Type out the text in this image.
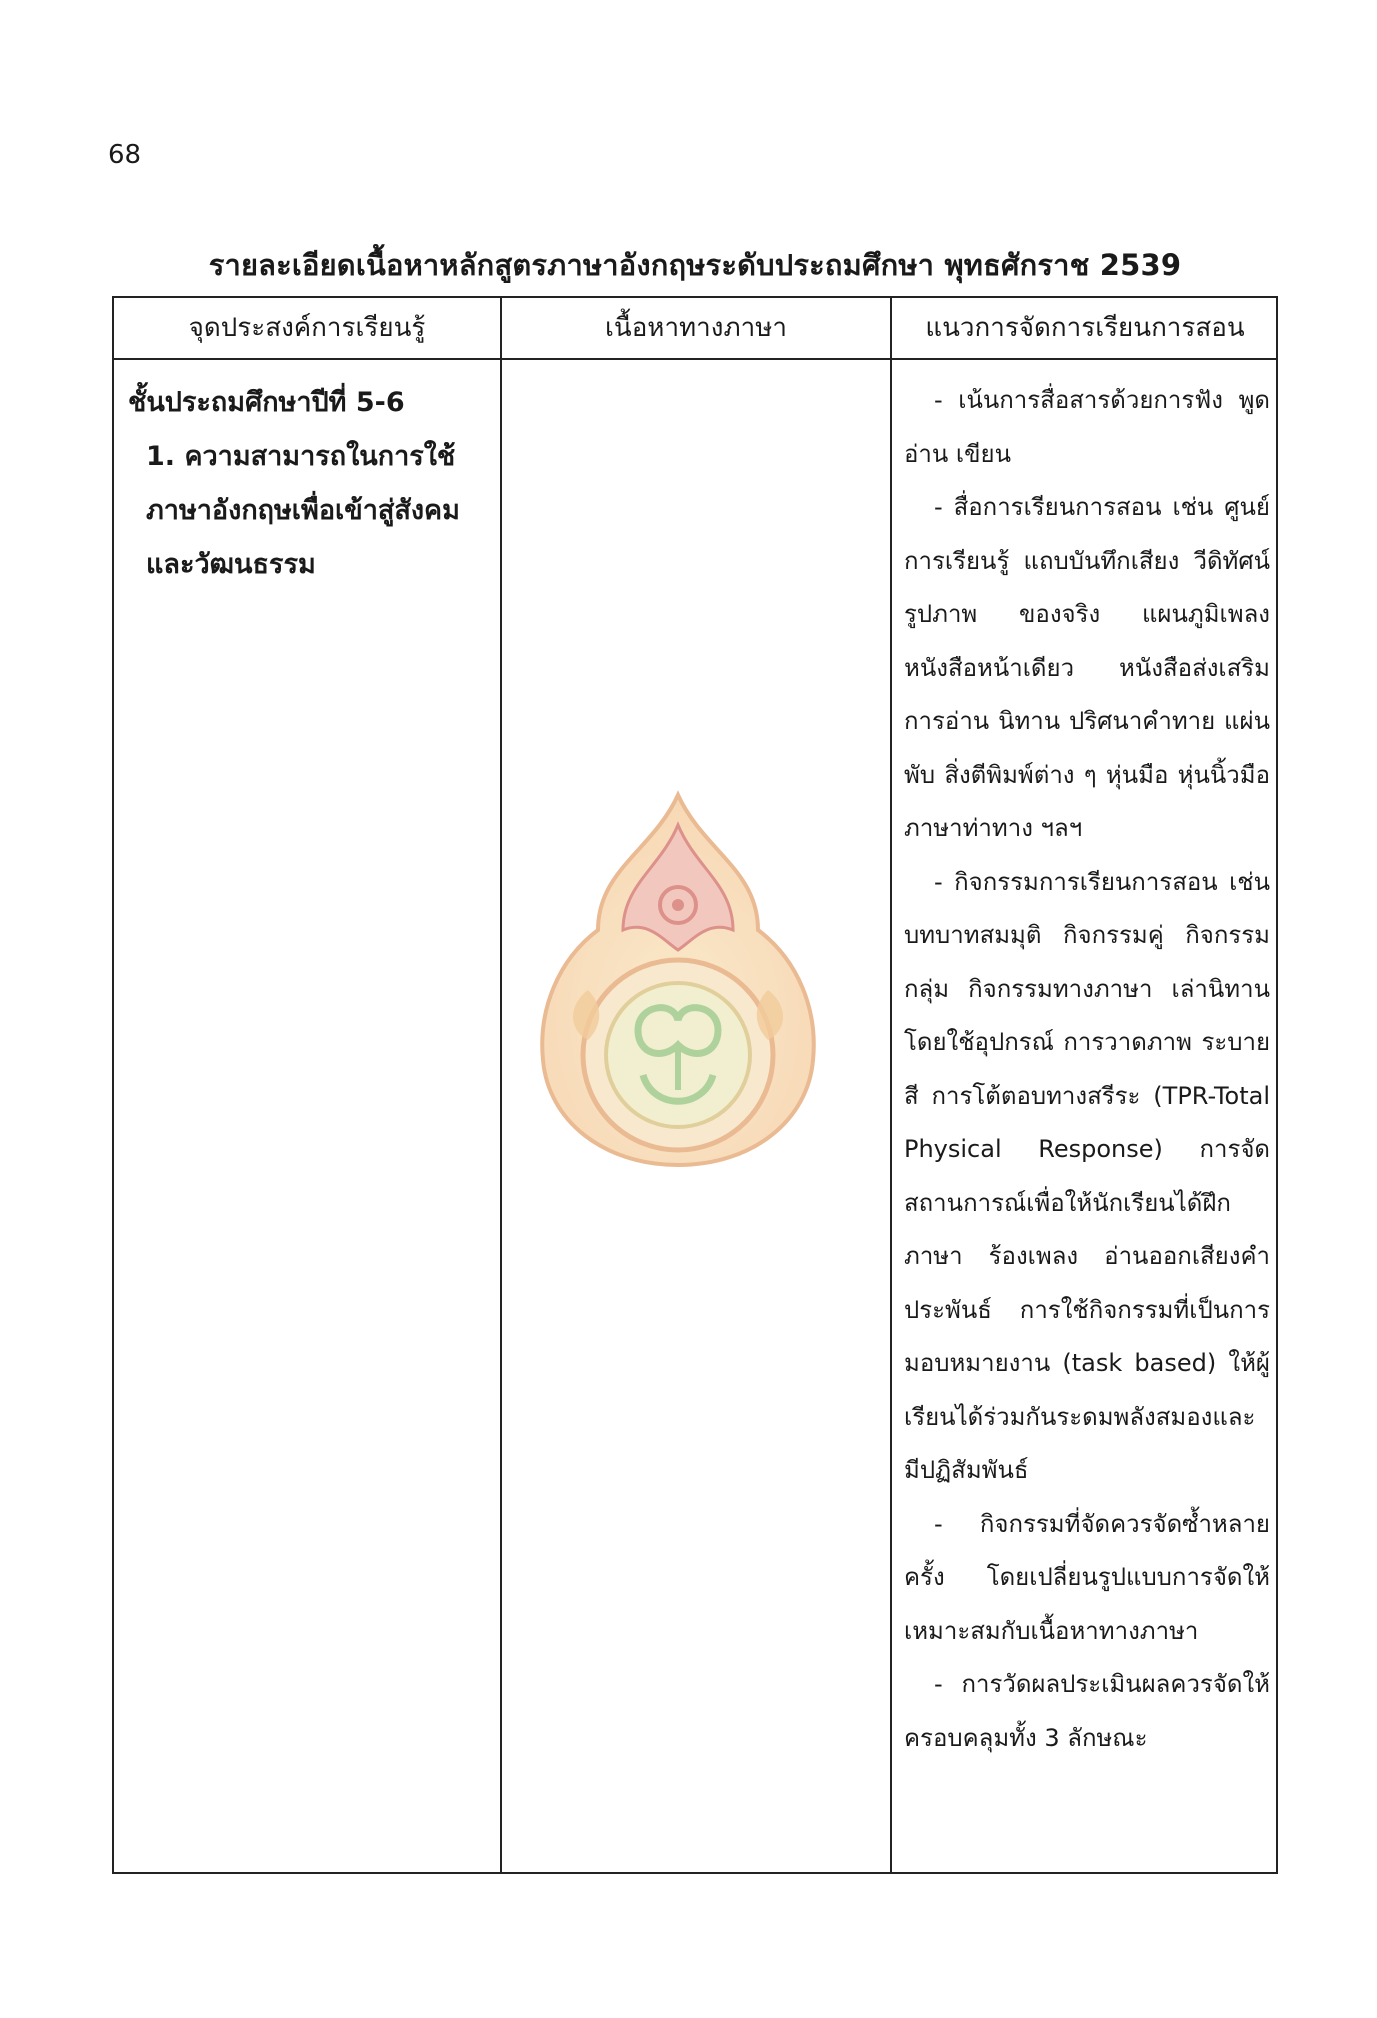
68
รายละเอียดเนื้อหาหลักสูตรภาษาอังกฤษระดับประถมศึกษา พุทธศักราช 2539
จุดประสงค์การเรียนรู้	เนื้อหาทางภาษา	แนวการจัดการเรียนการสอน
ชั้นประถมศึกษาปีที่ 5-6
1. ความสามารถในการใช้ ภาษาอังกฤษเพื่อเข้าสู่สังคมและวัฒนธรรม

- เน้นการสื่อสารด้วยการฟัง พูด อ่าน เขียน

- สื่อการเรียนการสอน เช่น ศูนย์การเรียนรู้ แถบบันทึกเสียง วีดิทัศน์ รูปภาพ ของจริง แผนภูมิเพลง หนังสือหน้าเดียว หนังสือส่งเสริมการอ่าน นิทาน ปริศนาคำทาย แผ่นพับ สิ่งตีพิมพ์ต่าง ๆ หุ่นมือ หุ่นนิ้วมือ ภาษาท่าทาง ฯลฯ

- กิจกรรมการเรียนการสอน เช่น บทบาทสมมุติ กิจกรรมคู่ กิจกรรมกลุ่ม กิจกรรมทางภาษา เล่านิทานโดยใช้อุปกรณ์ การวาดภาพ ระบายสี การโต้ตอบทางสรีระ (TPR-Total Physical Response) การจัดสถานการณ์เพื่อให้นักเรียนได้ฝึกภาษา ร้องเพลง อ่านออกเสียงคำประพันธ์ การใช้กิจกรรมที่เป็นการมอบหมายงาน (task based) ให้ผู้เรียนได้ร่วมกันระดมพลังสมองและมีปฏิสัมพันธ์

- กิจกรรมที่จัดควรจัดซ้ำหลายครั้ง โดยเปลี่ยนรูปแบบการจัดให้เหมาะสมกับเนื้อหาทางภาษา

- การวัดผลประเมินผลควรจัดให้ครอบคลุมทั้ง 3 ลักษณะ
